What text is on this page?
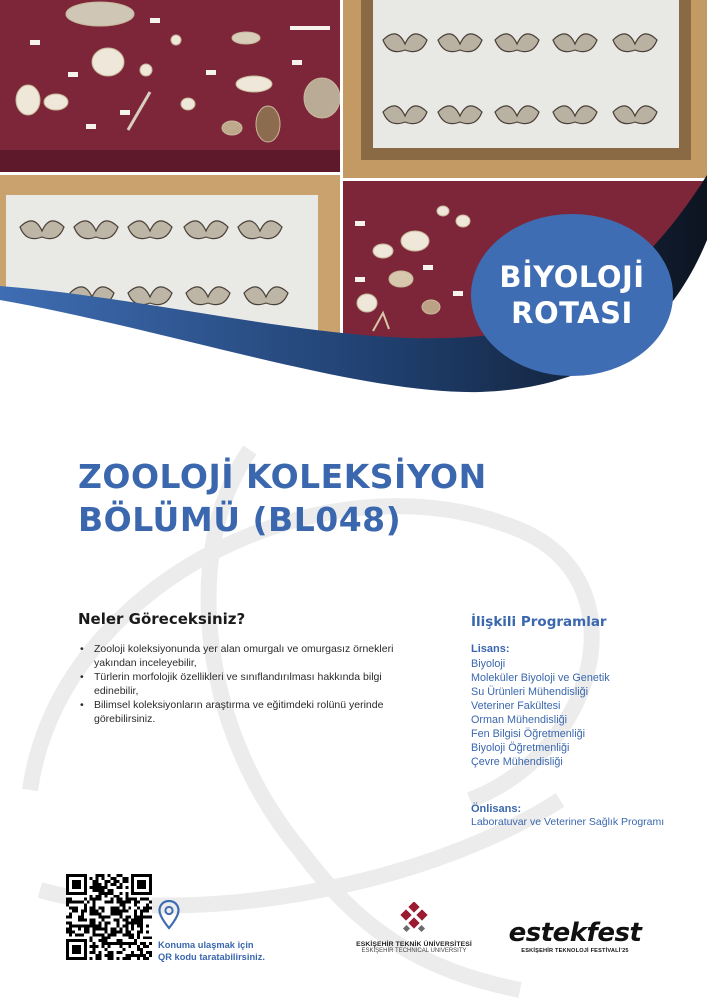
BİYOLOJİ
ROTASI
ZOOLOJİ KOLEKSİYON
BÖLÜMÜ (BL048)
Neler Göreceksiniz?
• Zooloji koleksiyonunda yer alan omurgalı ve omurgasız örnekleri yakından inceleyebilir,
• Türlerin morfolojik özellikleri ve sınıflandırılması hakkında bilgi edinebilir,
• Bilimsel koleksiyonların araştırma ve eğitimdeki rolünü yerinde görebilirsiniz.
İlişkili Programlar
Lisans:
Biyoloji
Moleküler Biyoloji ve Genetik
Su Ürünleri Mühendisliği
Veteriner Fakültesi
Orman Mühendisliği
Fen Bilgisi Öğretmenliği
Biyoloji Öğretmenliği
Çevre Mühendisliği
Önlisans:
Laboratuvar ve Veteriner Sağlık Programı
Konuma ulaşmak için
QR kodu taratabilirsiniz.
ESKİŞEHİR TEKNİK ÜNİVERSİTESİ
ESKİŞEHİR TECHNICAL UNIVERSITY
estekfest
ESKİŞEHİR TEKNOLOJİ FESTİVALİ'25
